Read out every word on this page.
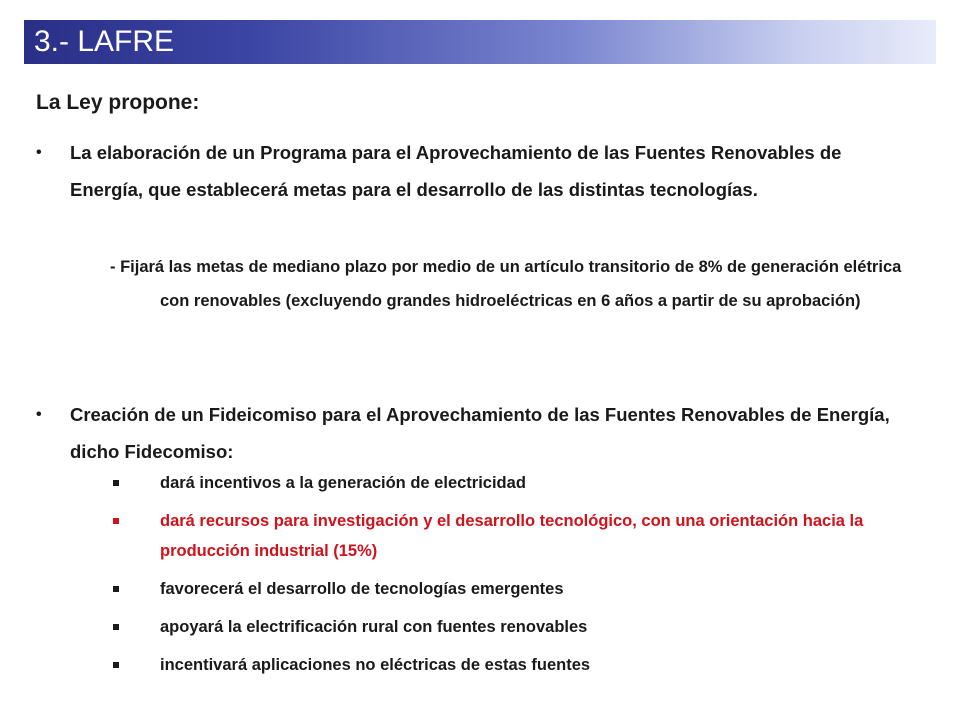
3.- LAFRE
La Ley propone:
• La elaboración de un Programa para el Aprovechamiento de las Fuentes Renovables de Energía, que establecerá metas para el desarrollo de las distintas tecnologías.
- Fijará las metas de mediano plazo por medio de un artículo transitorio de 8% de generación elétrica con renovables (excluyendo grandes hidroeléctricas en 6 años a partir de su aprobación)
• Creación de un Fideicomiso para el Aprovechamiento de las Fuentes Renovables de Energía, dicho Fidecomiso:
dará incentivos a la generación de electricidad
dará recursos para investigación y el desarrollo tecnológico, con una orientación hacia la producción industrial (15%)
favorecerá el desarrollo de tecnologías emergentes
apoyará la electrificación rural con fuentes renovables
incentivará aplicaciones no eléctricas de estas fuentes
